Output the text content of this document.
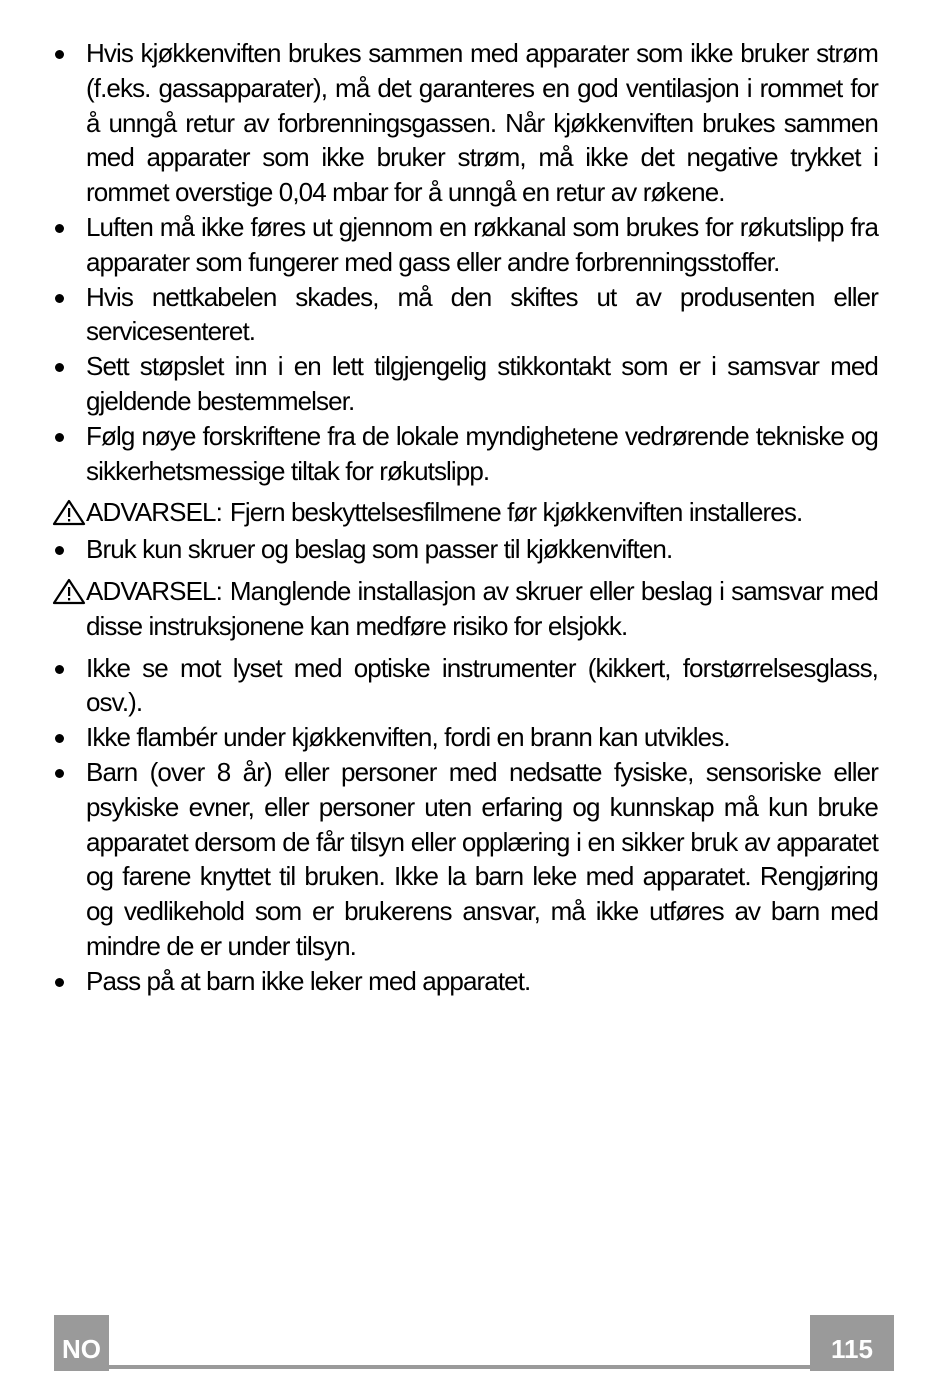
Hvis kjøkkenviften brukes sammen med apparater som ikke bruker strøm (f.eks. gassapparater), må det garanteres en god ventilasjon i rommet for å unngå retur av forbrenningsgassen. Når kjøkkenviften brukes sammen med apparater som ikke bruker strøm, må ikke det negative trykket i rommet overstige 0,04 mbar for å unngå en retur av røkene.
Luften må ikke føres ut gjennom en røkkanal som brukes for røkutslipp fra apparater som fungerer med gass eller andre forbrenningsstoffer.
Hvis nettkabelen skades, må den skiftes ut av produsenten eller servicesenteret.
Sett støpslet inn i en lett tilgjengelig stikkontakt som er i samsvar med gjeldende bestemmelser.
Følg nøye forskriftene fra de lokale myndighetene vedrørende tekniske og sikkerhetsmessige tiltak for røkutslipp.
ADVARSEL: Fjern beskyttelsesfilmene før kjøkkenviften installeres.
Bruk kun skruer og beslag som passer til kjøkkenviften.
ADVARSEL: Manglende installasjon av skruer eller beslag i samsvar med disse instruksjonene kan medføre risiko for elsjokk.
Ikke se mot lyset med optiske instrumenter (kikkert, forstørrelsesglass, osv.).
Ikke flambér under kjøkkenviften, fordi en brann kan utvikles.
Barn (over 8 år) eller personer med nedsatte fysiske, sensoriske eller psykiske evner, eller personer uten erfaring og kunnskap må kun bruke apparatet dersom de får tilsyn eller opplæring i en sikker bruk av apparatet og farene knyttet til bruken. Ikke la barn leke med apparatet. Rengjøring og vedlikehold som er brukerens ansvar, må ikke utføres av barn med mindre de er under tilsyn.
Pass på at barn ikke leker med apparatet.
NO	115
